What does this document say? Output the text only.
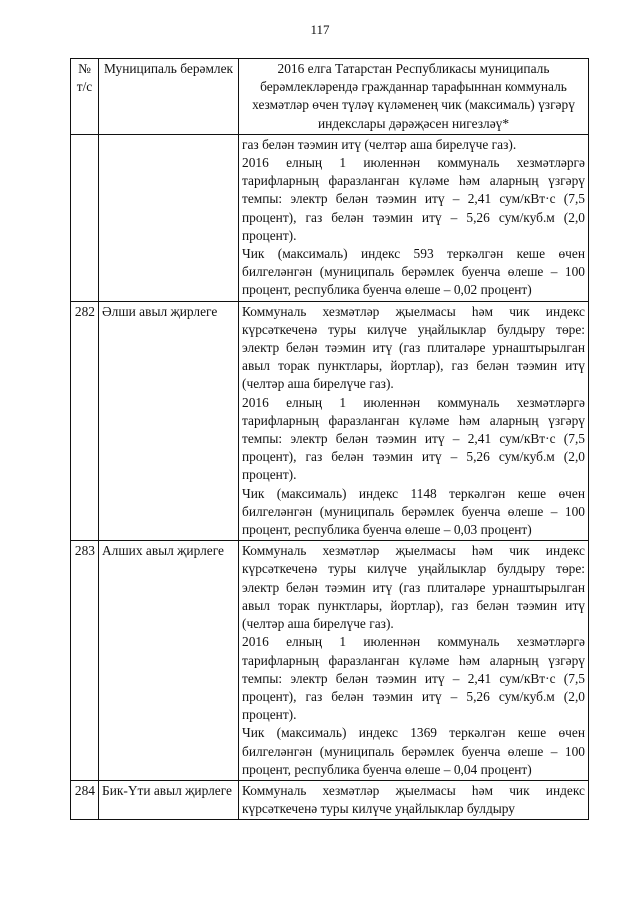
117
№ т/с	Муниципаль берәмлек	2016 елга Татарстан Республикасы муниципаль берәмлекләрендә гражданнар тарафыннан коммуналь хезмәтләр өчен түләү күләменең чик (максималь) үзгәрү индекслары дәрәҗәсен нигезләү*

		газ белән тәэмин итү (челтәр аша бирелүче газ).

2016 елның 1 июленнән коммуналь хезмәтләргә тарифларның фаразланган күләме һәм аларның үзгәрү темпы: электр белән тәэмин итү – 2,41 сум/кВт·с (7,5 процент), газ белән тәэмин итү – 5,26 сум/куб.м (2,0 процент).

Чик (максималь) индекс 593 теркәлгән кеше өчен билгеләнгән (муниципаль берәмлек буенча өлеше – 100 процент, республика буенча өлеше – 0,02 процент)

282	Әлши авыл җирлеге	Коммуналь хезмәтләр җыелмасы һәм чик индекс күрсәткеченә туры килүче уңайлыклар булдыру төре: электр белән тәэмин итү (газ плиталәре урнаштырылган авыл торак пунктлары, йортлар), газ белән тәэмин итү (челтәр аша бирелүче газ).

2016 елның 1 июленнән коммуналь хезмәтләргә тарифларның фаразланган күләме һәм аларның үзгәрү темпы: электр белән тәэмин итү – 2,41 сум/кВт·с (7,5 процент), газ белән тәэмин итү – 5,26 сум/куб.м (2,0 процент).

Чик (максималь) индекс 1148 теркәлгән кеше өчен билгеләнгән (муниципаль берәмлек буенча өлеше – 100 процент, республика буенча өлеше – 0,03 процент)

283	Алших авыл җирлеге	Коммуналь хезмәтләр җыелмасы һәм чик индекс күрсәткеченә туры килүче уңайлыклар булдыру төре: электр белән тәэмин итү (газ плиталәре урнаштырылган авыл торак пунктлары, йортлар), газ белән тәэмин итү (челтәр аша бирелүче газ).

2016 елның 1 июленнән коммуналь хезмәтләргә тарифларның фаразланган күләме һәм аларның үзгәрү темпы: электр белән тәэмин итү – 2,41 сум/кВт·с (7,5 процент), газ белән тәэмин итү – 5,26 сум/куб.м (2,0 процент).

Чик (максималь) индекс 1369 теркәлгән кеше өчен билгеләнгән (муниципаль берәмлек буенча өлеше – 100 процент, республика буенча өлеше – 0,04 процент)

284	Бик-Үти авыл җирлеге	Коммуналь хезмәтләр җыелмасы һәм чик индекс күрсәткеченә туры килүче уңайлыклар булдыру
